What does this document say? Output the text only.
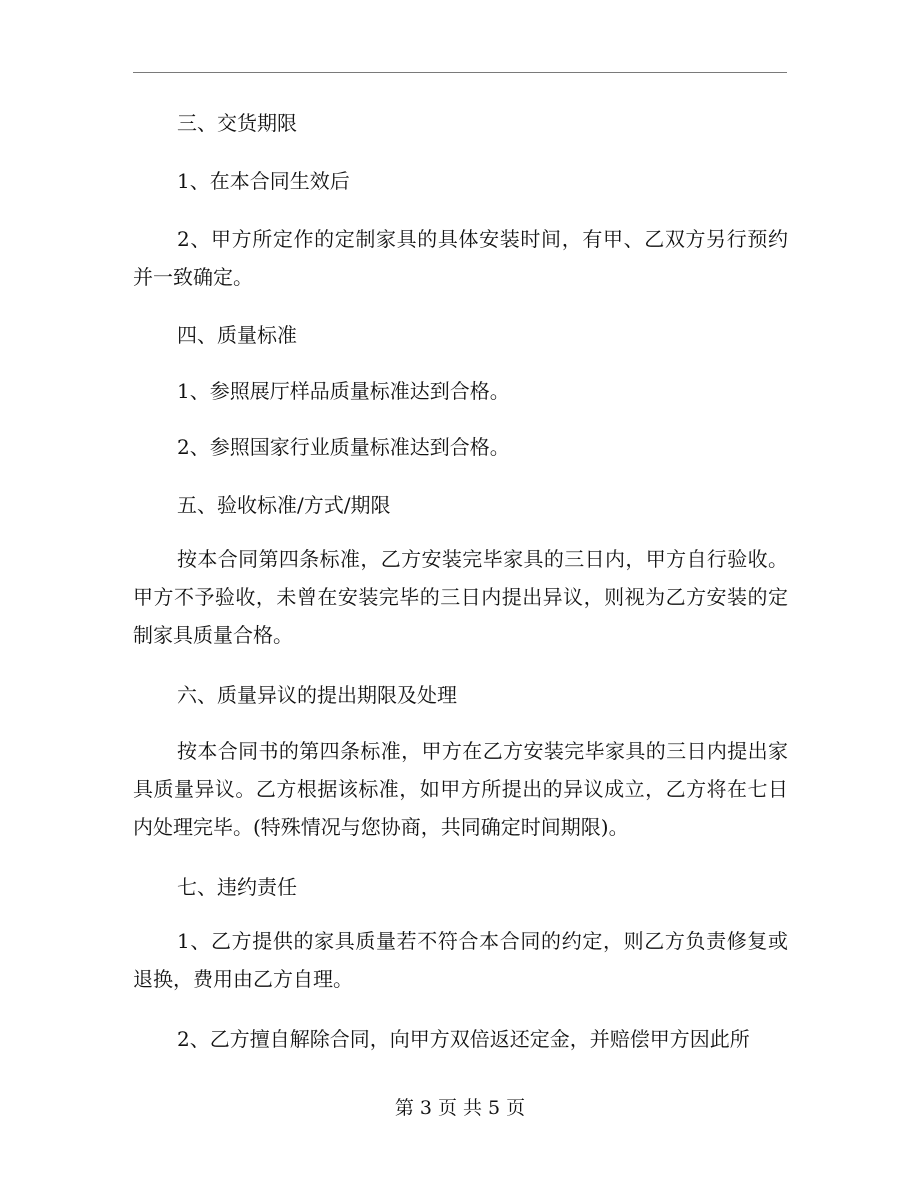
三、交货期限

1、在本合同生效后

2、甲方所定作的定制家具的具体安装时间，有甲、乙双方另行预约并一致确定。

四、质量标准

1、参照展厅样品质量标准达到合格。

2、参照国家行业质量标准达到合格。

五、验收标准/方式/期限

按本合同第四条标准，乙方安装完毕家具的三日内，甲方自行验收。甲方不予验收，未曾在安装完毕的三日内提出异议，则视为乙方安装的定制家具质量合格。

六、质量异议的提出期限及处理

按本合同书的第四条标准，甲方在乙方安装完毕家具的三日内提出家具质量异议。乙方根据该标准，如甲方所提出的异议成立，乙方将在七日内处理完毕。(特殊情况与您协商，共同确定时间期限)。

七、违约责任

1、乙方提供的家具质量若不符合本合同的约定，则乙方负责修复或退换，费用由乙方自理。

2、乙方擅自解除合同，向甲方双倍返还定金，并赔偿甲方因此所

第 3 页 共 5 页
